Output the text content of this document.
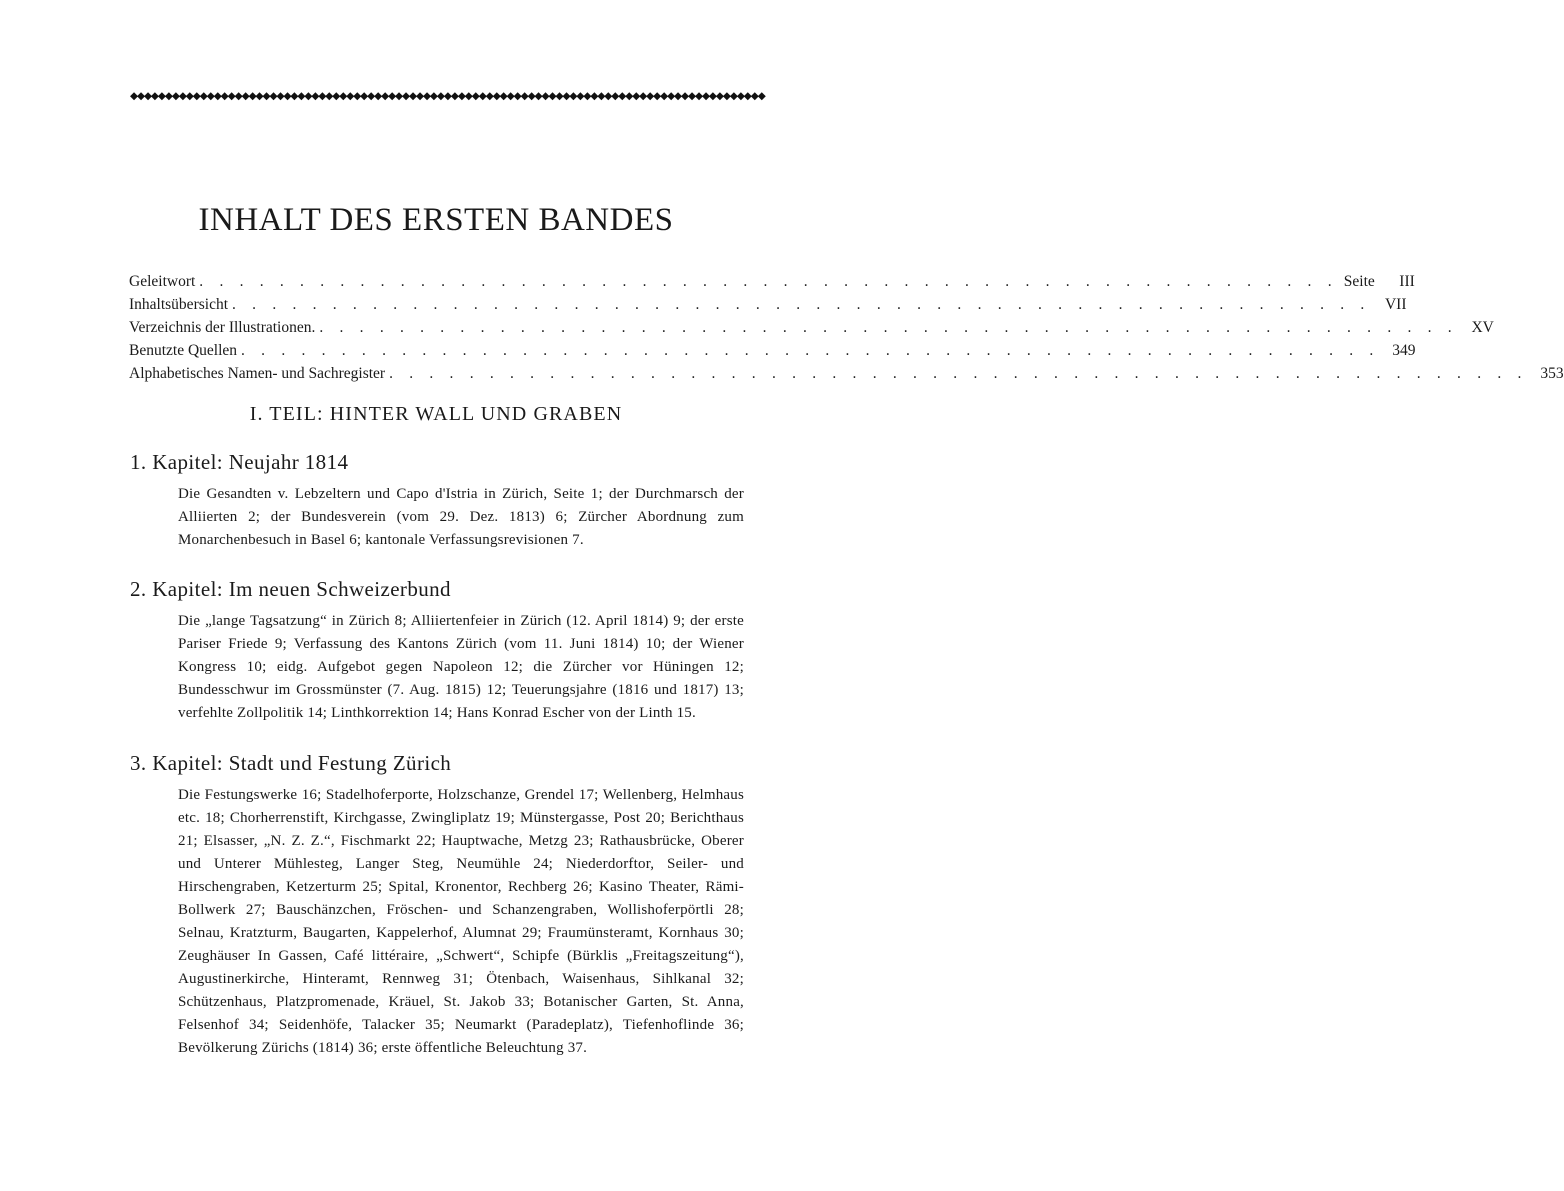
◆◆◆◆◆◆◆◆◆◆◆◆◆◆◆◆◆◆◆◆◆◆◆◆◆◆◆◆◆◆◆◆◆◆◆◆◆◆◆◆◆◆◆◆◆◆◆◆◆◆◆◆◆◆◆◆◆◆◆◆◆◆◆◆◆◆◆◆◆◆◆◆◆◆◆◆◆◆◆◆◆◆◆◆◆◆◆◆◆◆◆
INHALT DES ERSTEN BANDES
Geleitwort . . . . . . . . . . . . . . . . . . . . . . . . . . . . . . . . . . . . . . . . . . . . . . . . . . . . . . . . . Seite	III
Inhaltsübersicht . . . . . . . . . . . . . . . . . . . . . . . . . . . . . . . . . . . . . . . . . . . . . . . . . . . . . . . . . VII
Verzeichnis der Illustrationen. . . . . . . . . . . . . . . . . . . . . . . . . . . . . . . . . . . . . . . . . . . . . . . . . . . . . . . . . . XV
Benutzte Quellen . . . . . . . . . . . . . . . . . . . . . . . . . . . . . . . . . . . . . . . . . . . . . . . . . . . . . . . . . 349
Alphabetisches Namen- und Sachregister . . . . . . . . . . . . . . . . . . . . . . . . . . . . . . . . . . . . . . . . . . . . . . . . . . . . . . . . . 353
I. TEIL: HINTER WALL UND GRABEN
1. Kapitel: Neujahr 1814

Die Gesandten v. Lebzeltern und Capo d'Istria in Zürich, Seite 1; der Durchmarsch der Alliierten 2; der Bundesverein (vom 29. Dez. 1813) 6; Zürcher Abordnung zum Monarchenbesuch in Basel 6; kantonale Verfassungsrevisionen 7.

2. Kapitel: Im neuen Schweizerbund

Die „lange Tagsatzung“ in Zürich 8; Alliiertenfeier in Zürich (12. April 1814) 9; der erste Pariser Friede 9; Verfassung des Kantons Zürich (vom 11. Juni 1814) 10; der Wiener Kongress 10; eidg. Aufgebot gegen Napoleon 12; die Zürcher vor Hüningen 12; Bundesschwur im Grossmünster (7. Aug. 1815) 12; Teuerungsjahre (1816 und 1817) 13; verfehlte Zollpolitik 14; Linthkorrektion 14; Hans Konrad Escher von der Linth 15.

3. Kapitel: Stadt und Festung Zürich

Die Festungswerke 16; Stadelhoferporte, Holzschanze, Grendel 17; Wellenberg, Helmhaus etc. 18; Chorherrenstift, Kirchgasse, Zwingliplatz 19; Münstergasse, Post 20; Berichthaus 21; Elsasser, „N. Z. Z.“, Fischmarkt 22; Hauptwache, Metzg 23; Rathausbrücke, Oberer und Unterer Mühlesteg, Langer Steg, Neumühle 24; Niederdorftor, Seiler- und Hirschengraben, Ketzerturm 25; Spital, Kronentor, Rechberg 26; Kasino Theater, Rämi-Bollwerk 27; Bauschänzchen, Fröschen- und Schanzengraben, Wollishoferpörtli 28; Selnau, Kratzturm, Baugarten, Kappelerhof, Alumnat 29; Fraumünsteramt, Kornhaus 30; Zeughäuser In Gassen, Café littéraire, „Schwert“, Schipfe (Bürklis „Freitagszeitung“), Augustinerkirche, Hinteramt, Rennweg 31; Ötenbach, Waisenhaus, Sihlkanal 32; Schützenhaus, Platzpromenade, Kräuel, St. Jakob 33; Botanischer Garten, St. Anna, Felsenhof 34; Seidenhöfe, Talacker 35; Neumarkt (Paradeplatz), Tiefenhoflinde 36; Bevölkerung Zürichs (1814) 36; erste öffentliche Beleuchtung 37.
